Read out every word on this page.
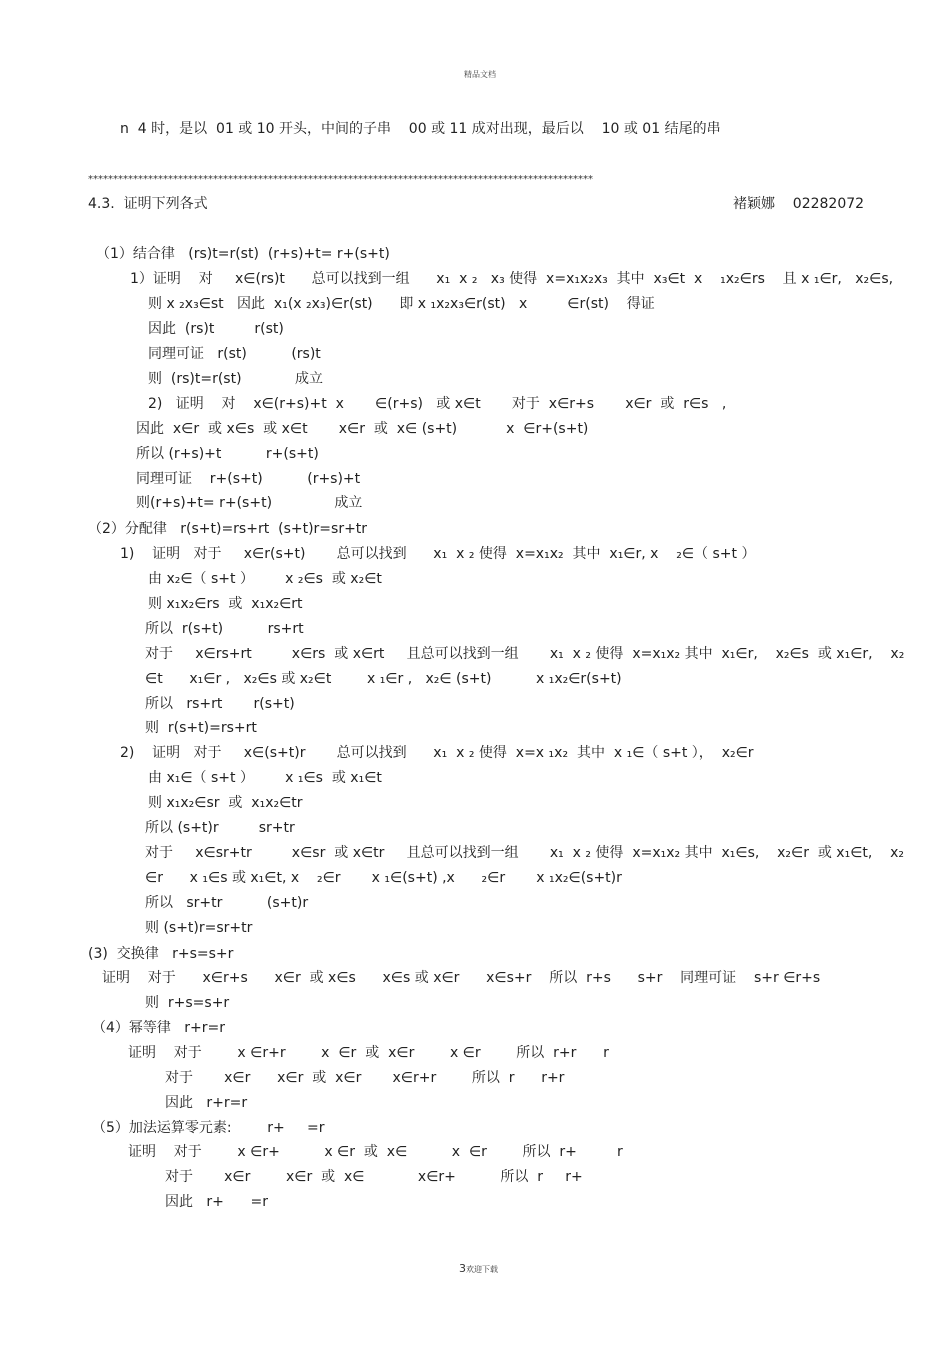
精品文档
n  4 时，是以  01 或 10 开头，中间的子串    00 或 11 成对出现，最后以    10 或 01 结尾的串
*****************************************************************************************************
4.3.  证明下列各式	褚颖娜    02282072
（1）结合律   (rs)t=r(st)  (r+s)+t= r+(s+t)
1）证明    对     x∈(rs)t      总可以找到一组      x₁  x ₂   x₃ 使得  x=x₁x₂x₃  其中  x₃∈t  x    ₁x₂∈rs    且 x ₁∈r,   x₂∈s,
则 x ₂x₃∈st   因此  x₁(x ₂x₃)∈r(st)      即 x ₁x₂x₃∈r(st)   x         ∈r(st)    得证
因此  (rs)t         r(st)
同理可证   r(st)          (rs)t
则  (rs)t=r(st)            成立
2)   证明    对    x∈(r+s)+t  x       ∈(r+s)   或 x∈t       对于  x∈r+s       x∈r  或  r∈s   ,
因此  x∈r  或 x∈s  或 x∈t       x∈r  或  x∈ (s+t)           x  ∈r+(s+t)
所以 (r+s)+t          r+(s+t)
同理可证    r+(s+t)          (r+s)+t
则(r+s)+t= r+(s+t)              成立
（2）分配律   r(s+t)=rs+rt  (s+t)r=sr+tr
1)    证明   对于     x∈r(s+t)       总可以找到      x₁  x ₂ 使得  x=x₁x₂  其中  x₁∈r, x    ₂∈（ s+t ）
由 x₂∈（ s+t ）       x ₂∈s  或 x₂∈t
则 x₁x₂∈rs  或  x₁x₂∈rt
所以  r(s+t)          rs+rt
对于     x∈rs+rt         x∈rs  或 x∈rt     且总可以找到一组       x₁  x ₂ 使得  x=x₁x₂ 其中  x₁∈r,    x₂∈s  或 x₁∈r,    x₂
∈t      x₁∈r ,   x₂∈s 或 x₂∈t        x ₁∈r ,   x₂∈ (s+t)          x ₁x₂∈r(s+t)
所以   rs+rt       r(s+t)
则  r(s+t)=rs+rt
2)    证明   对于     x∈(s+t)r       总可以找到      x₁  x ₂ 使得  x=x ₁x₂  其中  x ₁∈（ s+t ），  x₂∈r
由 x₁∈（ s+t ）       x ₁∈s  或 x₁∈t
则 x₁x₂∈sr  或  x₁x₂∈tr
所以 (s+t)r         sr+tr
对于     x∈sr+tr         x∈sr  或 x∈tr     且总可以找到一组       x₁  x ₂ 使得  x=x₁x₂ 其中  x₁∈s,    x₂∈r  或 x₁∈t,    x₂
∈r      x ₁∈s 或 x₁∈t, x    ₂∈r       x ₁∈(s+t) ,x      ₂∈r       x ₁x₂∈(s+t)r
所以   sr+tr          (s+t)r
则 (s+t)r=sr+tr
(3)  交换律   r+s=s+r
证明    对于      x∈r+s      x∈r  或 x∈s      x∈s 或 x∈r      x∈s+r    所以  r+s      s+r    同理可证    s+r ∈r+s
则  r+s=s+r
（4）幂等律   r+r=r
证明    对于        x ∈r+r        x  ∈r  或  x∈r        x ∈r        所以  r+r      r
对于       x∈r      x∈r  或  x∈r       x∈r+r        所以  r      r+r
因此   r+r=r
（5）加法运算零元素:        r+     =r
证明    对于        x ∈r+          x ∈r  或  x∈          x  ∈r        所以  r+         r
对于       x∈r        x∈r  或  x∈            x∈r+          所以  r     r+
因此   r+      =r
3欢迎下载
